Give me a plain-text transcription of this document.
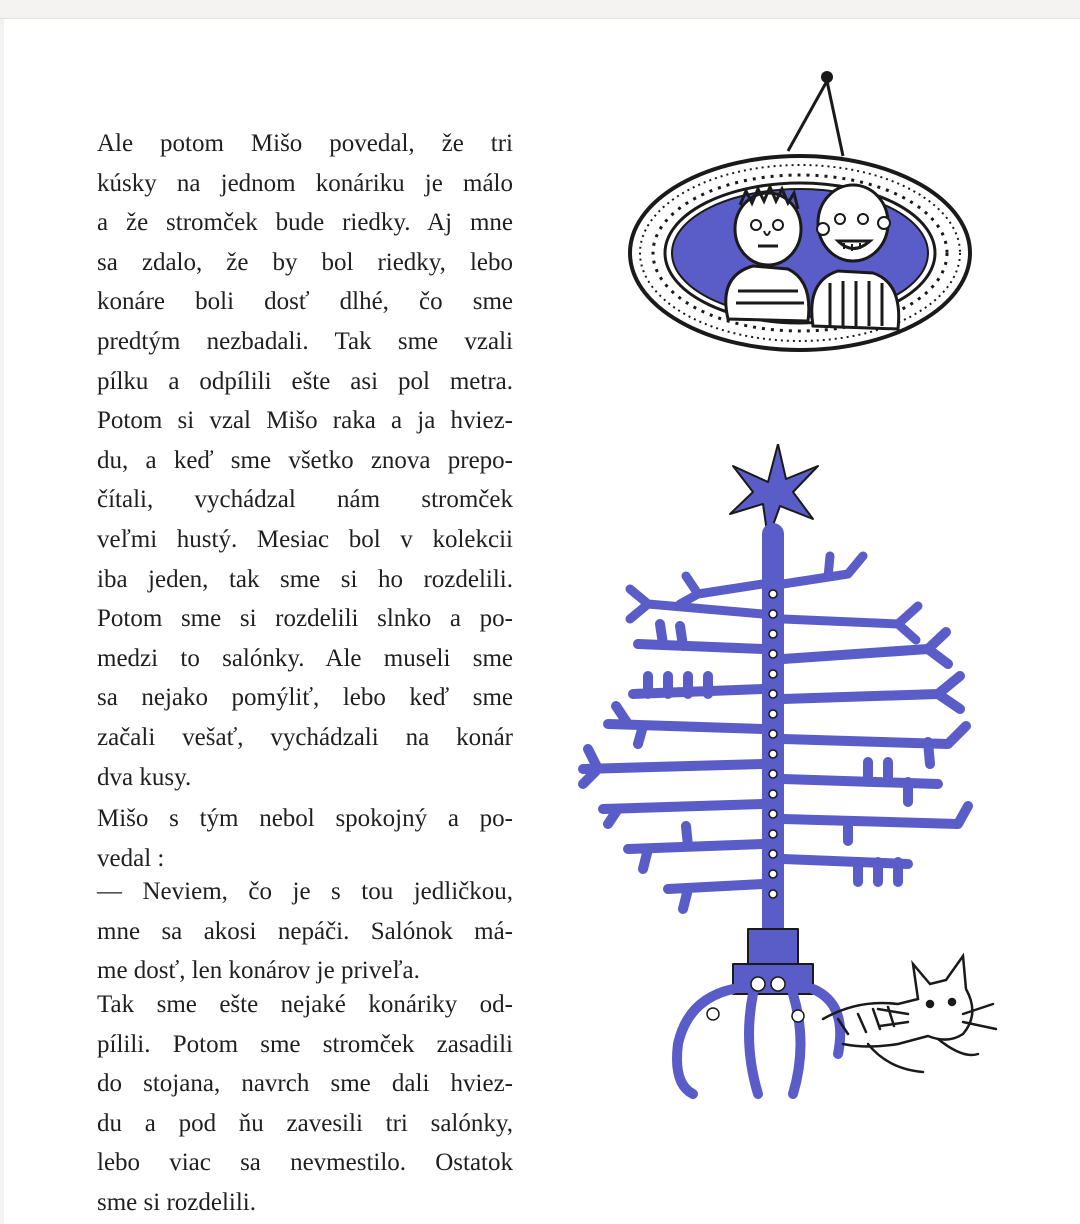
Ale potom Mišo povedal, že tri
kúsky na jednom konáriku je málo
a že stromček bude riedky. Aj mne
sa zdalo, že by bol riedky, lebo
konáre boli dosť dlhé, čo sme
predtým nezbadali. Tak sme vzali
pílku a odpílili ešte asi pol metra.
Potom si vzal Mišo raka a ja hviez-
du, a keď sme všetko znova prepo-
čítali, vychádzal nám stromček
veľmi hustý. Mesiac bol v kolekcii
iba jeden, tak sme si ho rozdelili.
Potom sme si rozdelili slnko a po-
medzi to salónky. Ale museli sme
sa nejako pomýliť, lebo keď sme
začali vešať, vychádzali na konár
dva kusy.
Mišo s tým nebol spokojný a po-
vedal :
— Neviem, čo je s tou jedličkou,
mne sa akosi nepáči. Salónok má-
me dosť, len konárov je priveľa.
Tak sme ešte nejaké konáriky od-
pílili. Potom sme stromček zasadili
do stojana, navrch sme dali hviez-
du a pod ňu zavesili tri salónky,
lebo viac sa nevmestilo. Ostatok
sme si rozdelili.
